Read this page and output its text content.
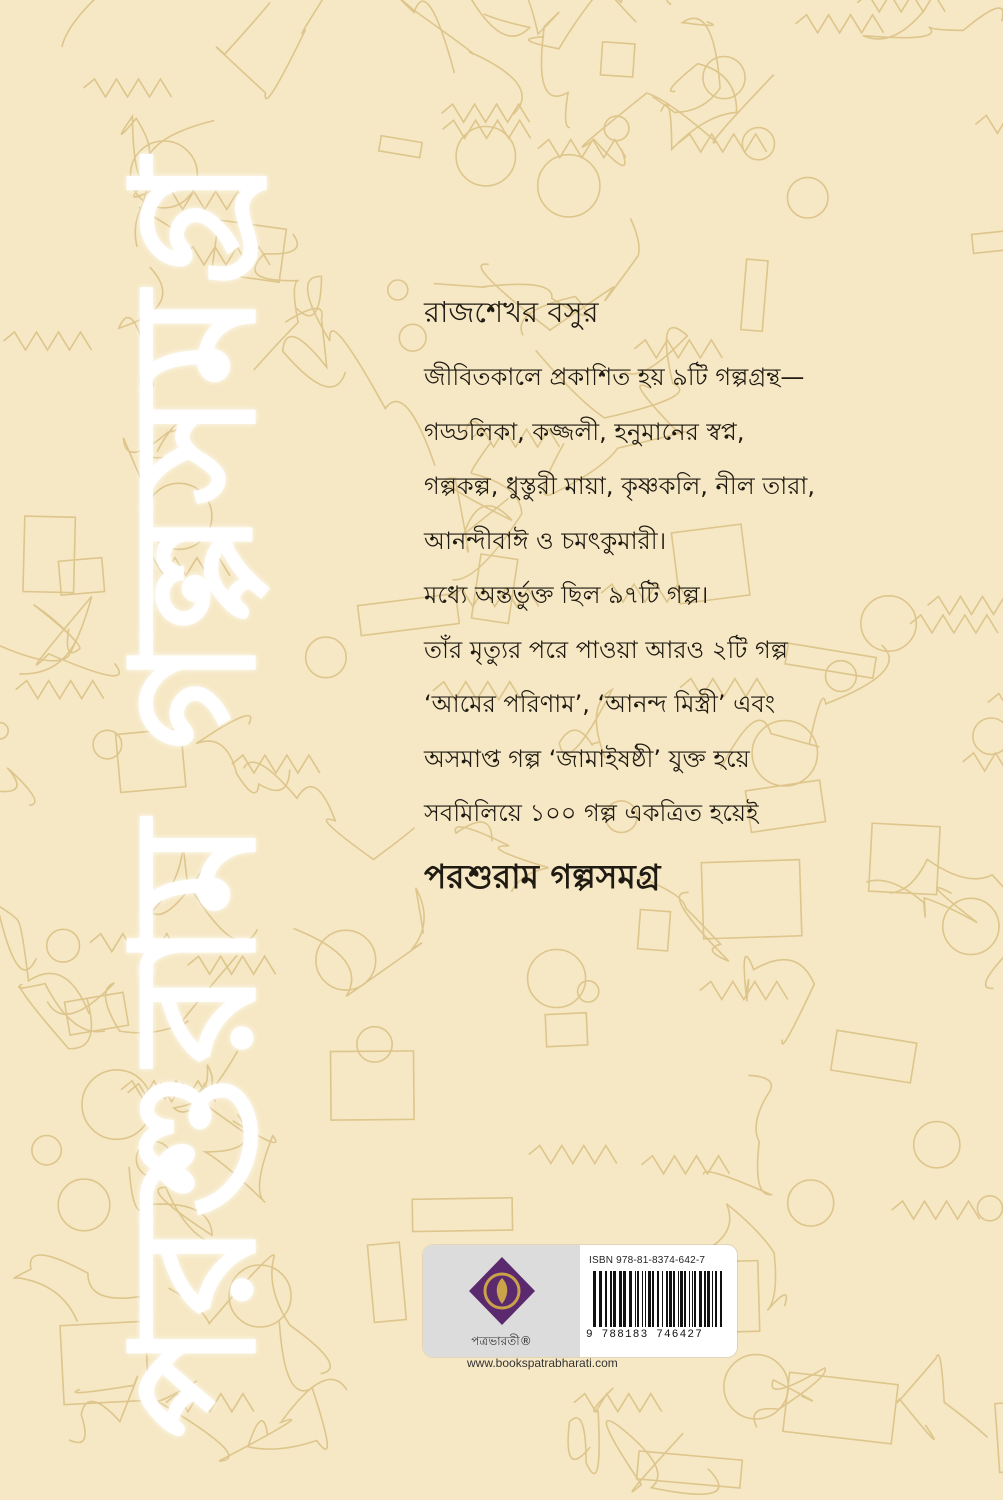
পরশুরাম গল্পসমগ্র	রাজশেখর বসুর
জীবিতকালে প্রকাশিত হয় ৯টি গল্পগ্রন্থ—
গড্ডলিকা, কজ্জলী, হনুমানের স্বপ্ন,
গল্পকল্প, ধুস্তুরী মায়া, কৃষ্ণকলি, নীল তারা,
আনন্দীবাঈ ও চমৎকুমারী।
মধ্যে অন্তর্ভুক্ত ছিল ৯৭টি গল্প।
তাঁর মৃত্যুর পরে পাওয়া আরও ২টি গল্প
‘আমের পরিণাম’, ‘আনন্দ মিস্ত্রী’ এবং
অসমাপ্ত গল্প ‘জামাইষষ্ঠী’ যুক্ত হয়ে
সবমিলিয়ে ১০০ গল্প একত্রিত হয়েই
পরশুরাম গল্পসমগ্র
পত্রভারতী®
ISBN 978-81-8374-642-7
9 788183 746427
www.bookspatrabharati.com
